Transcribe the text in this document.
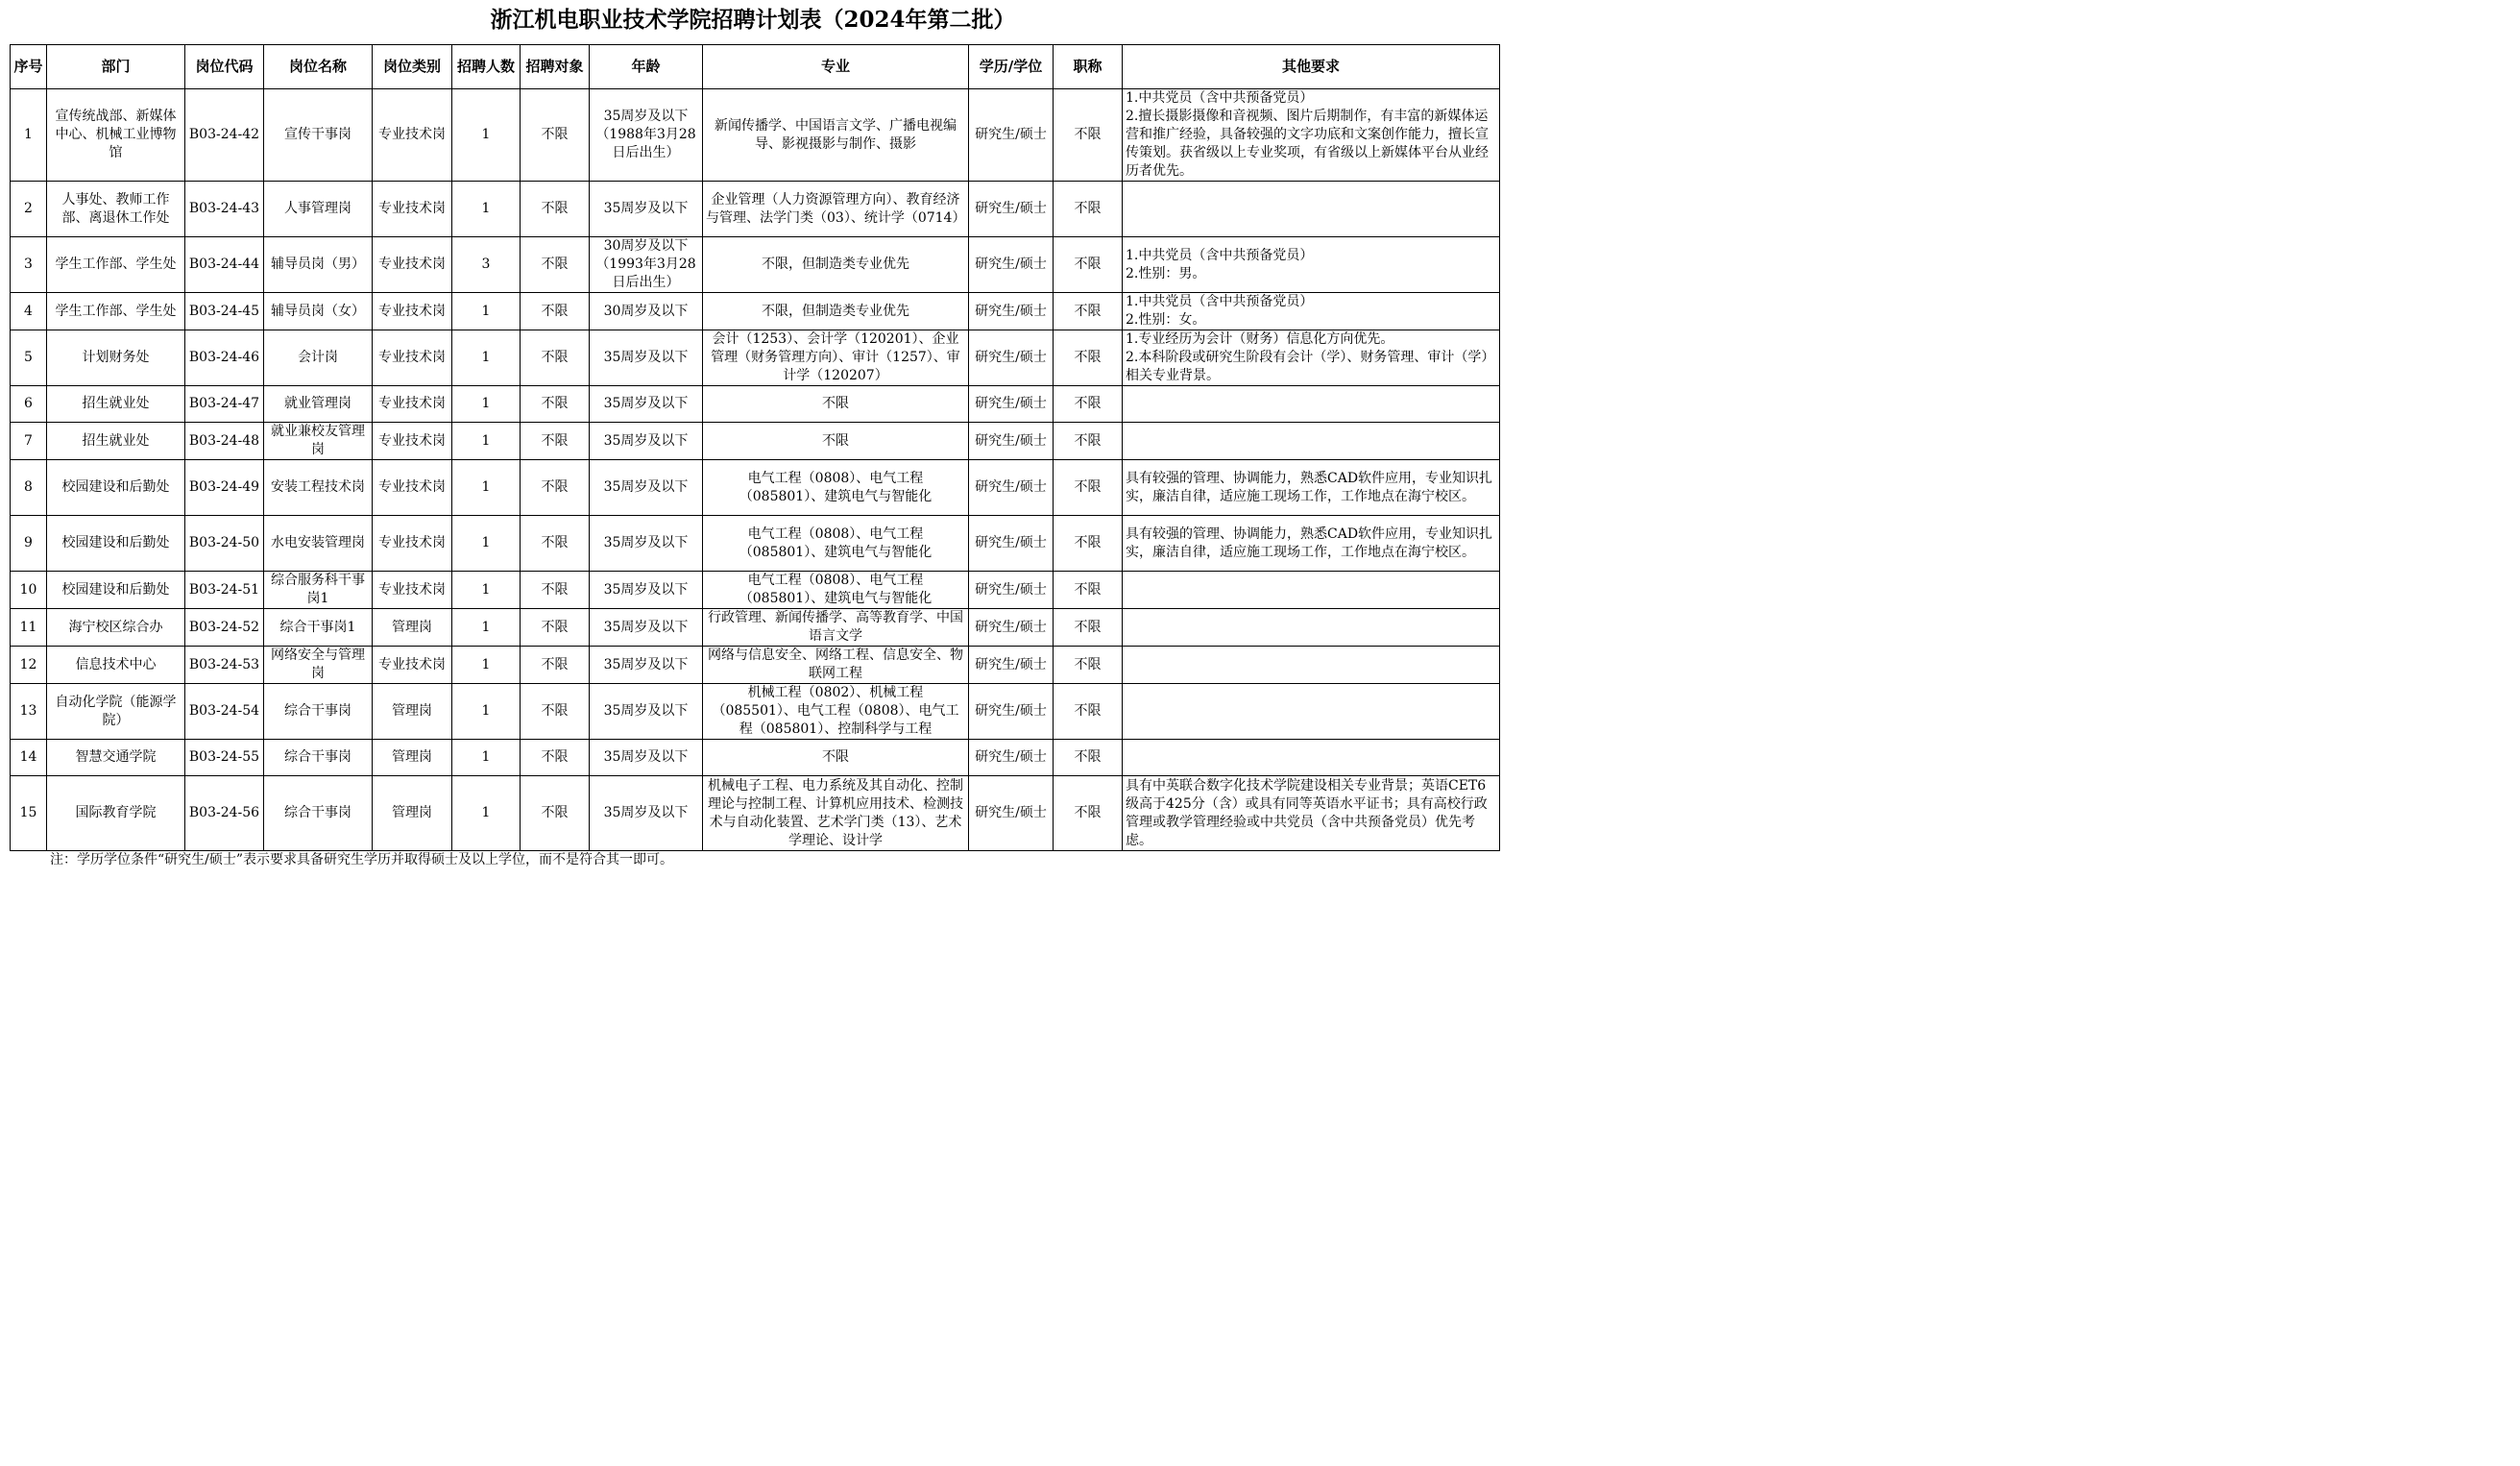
浙江机电职业技术学院招聘计划表（2024年第二批）
序号	部门	岗位代码	岗位名称	岗位类别	招聘人数	招聘对象	年龄	专业	学历/学位	职称	其他要求
1	宣传统战部、新媒体中心、机械工业博物馆	B03-24-42	宣传干事岗	专业技术岗	1	不限	35周岁及以下（1988年3月28日后出生）	新闻传播学、中国语言文学、广播电视编导、影视摄影与制作、摄影	研究生/硕士	不限	1.中共党员（含中共预备党员）
2.擅长摄影摄像和音视频、图片后期制作，有丰富的新媒体运营和推广经验，具备较强的文字功底和文案创作能力，擅长宣传策划。获省级以上专业奖项，有省级以上新媒体平台从业经历者优先。
2	人事处、教师工作部、离退休工作处	B03-24-43	人事管理岗	专业技术岗	1	不限	35周岁及以下	企业管理（人力资源管理方向）、教育经济与管理、法学门类（03）、统计学（0714）	研究生/硕士	不限	
3	学生工作部、学生处	B03-24-44	辅导员岗（男）	专业技术岗	3	不限	30周岁及以下（1993年3月28日后出生）	不限，但制造类专业优先	研究生/硕士	不限	1.中共党员（含中共预备党员）
2.性别：男。
4	学生工作部、学生处	B03-24-45	辅导员岗（女）	专业技术岗	1	不限	30周岁及以下	不限，但制造类专业优先	研究生/硕士	不限	1.中共党员（含中共预备党员）
2.性别：女。
5	计划财务处	B03-24-46	会计岗	专业技术岗	1	不限	35周岁及以下	会计（1253）、会计学（120201）、企业管理（财务管理方向）、审计（1257）、审计学（120207）	研究生/硕士	不限	1.专业经历为会计（财务）信息化方向优先。
2.本科阶段或研究生阶段有会计（学）、财务管理、审计（学）相关专业背景。
6	招生就业处	B03-24-47	就业管理岗	专业技术岗	1	不限	35周岁及以下	不限	研究生/硕士	不限	
7	招生就业处	B03-24-48	就业兼校友管理岗	专业技术岗	1	不限	35周岁及以下	不限	研究生/硕士	不限	
8	校园建设和后勤处	B03-24-49	安装工程技术岗	专业技术岗	1	不限	35周岁及以下	电气工程（0808）、电气工程（085801）、建筑电气与智能化	研究生/硕士	不限	具有较强的管理、协调能力，熟悉CAD软件应用，专业知识扎实，廉洁自律，适应施工现场工作，工作地点在海宁校区。
9	校园建设和后勤处	B03-24-50	水电安装管理岗	专业技术岗	1	不限	35周岁及以下	电气工程（0808）、电气工程（085801）、建筑电气与智能化	研究生/硕士	不限	具有较强的管理、协调能力，熟悉CAD软件应用，专业知识扎实，廉洁自律，适应施工现场工作，工作地点在海宁校区。
10	校园建设和后勤处	B03-24-51	综合服务科干事岗1	专业技术岗	1	不限	35周岁及以下	电气工程（0808）、电气工程（085801）、建筑电气与智能化	研究生/硕士	不限	
11	海宁校区综合办	B03-24-52	综合干事岗1	管理岗	1	不限	35周岁及以下	行政管理、新闻传播学、高等教育学、中国语言文学	研究生/硕士	不限	
12	信息技术中心	B03-24-53	网络安全与管理岗	专业技术岗	1	不限	35周岁及以下	网络与信息安全、网络工程、信息安全、物联网工程	研究生/硕士	不限	
13	自动化学院（能源学院）	B03-24-54	综合干事岗	管理岗	1	不限	35周岁及以下	机械工程（0802）、机械工程（085501）、电气工程（0808）、电气工程（085801）、控制科学与工程	研究生/硕士	不限	
14	智慧交通学院	B03-24-55	综合干事岗	管理岗	1	不限	35周岁及以下	不限	研究生/硕士	不限	
15	国际教育学院	B03-24-56	综合干事岗	管理岗	1	不限	35周岁及以下	机械电子工程、电力系统及其自动化、控制理论与控制工程、计算机应用技术、检测技术与自动化装置、艺术学门类（13）、艺术学理论、设计学	研究生/硕士	不限	具有中英联合数字化技术学院建设相关专业背景；英语CET6级高于425分（含）或具有同等英语水平证书；具有高校行政管理或教学管理经验或中共党员（含中共预备党员）优先考虑。
注：学历学位条件“研究生/硕士”表示要求具备研究生学历并取得硕士及以上学位，而不是符合其一即可。
